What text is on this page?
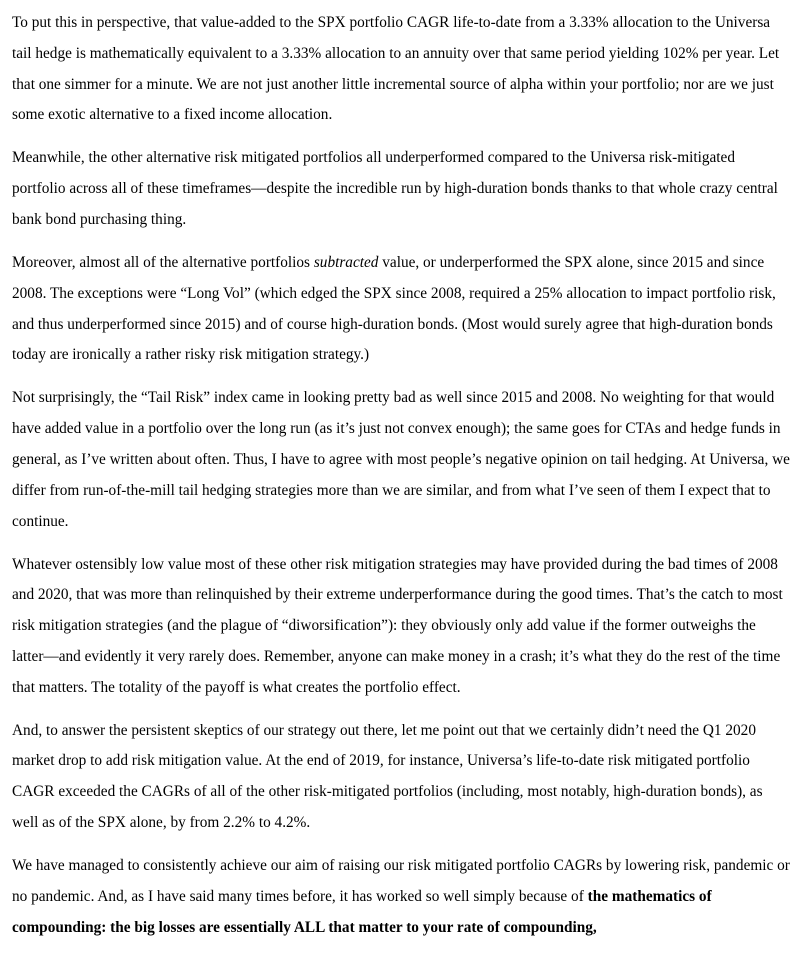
To put this in perspective, that value-added to the SPX portfolio CAGR life-to-date from a 3.33% allocation to the Universa tail hedge is mathematically equivalent to a 3.33% allocation to an annuity over that same period yielding 102% per year. Let that one simmer for a minute. We are not just another little incremental source of alpha within your portfolio; nor are we just some exotic alternative to a fixed income allocation.

Meanwhile, the other alternative risk mitigated portfolios all underperformed compared to the Universa risk-mitigated portfolio across all of these timeframes—despite the incredible run by high-duration bonds thanks to that whole crazy central bank bond purchasing thing.

Moreover, almost all of the alternative portfolios subtracted value, or underperformed the SPX alone, since 2015 and since 2008. The exceptions were “Long Vol” (which edged the SPX since 2008, required a 25% allocation to impact portfolio risk, and thus underperformed since 2015) and of course high-duration bonds. (Most would surely agree that high-duration bonds today are ironically a rather risky risk mitigation strategy.)

Not surprisingly, the “Tail Risk” index came in looking pretty bad as well since 2015 and 2008. No weighting for that would have added value in a portfolio over the long run (as it’s just not convex enough); the same goes for CTAs and hedge funds in general, as I’ve written about often. Thus, I have to agree with most people’s negative opinion on tail hedging. At Universa, we differ from run-of-the-mill tail hedging strategies more than we are similar, and from what I’ve seen of them I expect that to continue.

Whatever ostensibly low value most of these other risk mitigation strategies may have provided during the bad times of 2008 and 2020, that was more than relinquished by their extreme underperformance during the good times. That’s the catch to most risk mitigation strategies (and the plague of “diworsification”): they obviously only add value if the former outweighs the latter—and evidently it very rarely does. Remember, anyone can make money in a crash; it’s what they do the rest of the time that matters. The totality of the payoff is what creates the portfolio effect.

And, to answer the persistent skeptics of our strategy out there, let me point out that we certainly didn’t need the Q1 2020 market drop to add risk mitigation value. At the end of 2019, for instance, Universa’s life-to-date risk mitigated portfolio CAGR exceeded the CAGRs of all of the other risk-mitigated portfolios (including, most notably, high-duration bonds), as well as of the SPX alone, by from 2.2% to 4.2%.

We have managed to consistently achieve our aim of raising our risk mitigated portfolio CAGRs by lowering risk, pandemic or no pandemic. And, as I have said many times before, it has worked so well simply because of the mathematics of compounding: the big losses are essentially ALL that matter to your rate of compounding,
